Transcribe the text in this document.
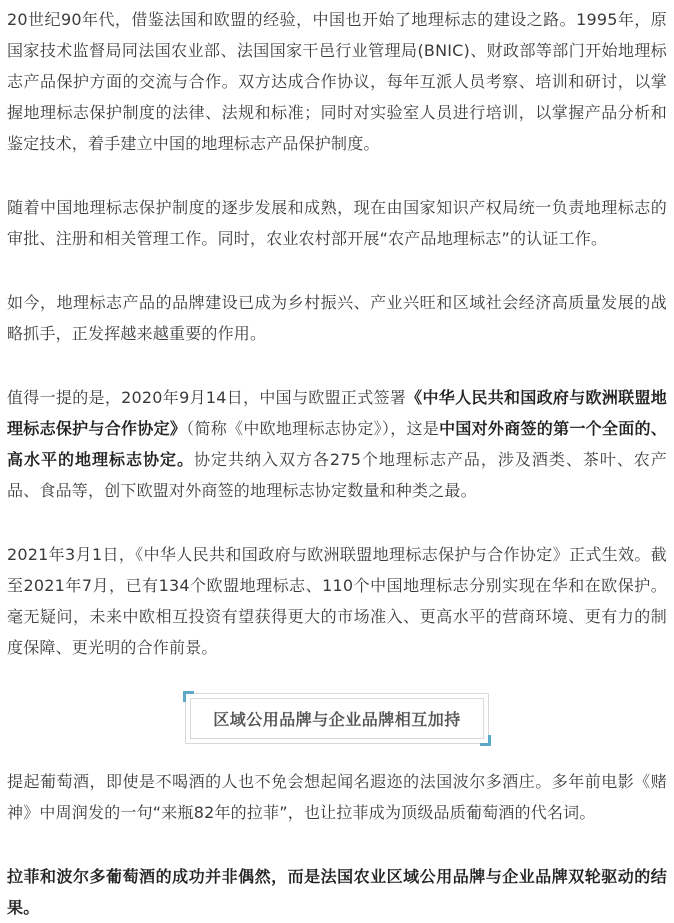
20世纪90年代，借鉴法国和欧盟的经验，中国也开始了地理标志的建设之路。1995年，原国家技术监督局同法国农业部、法国国家干邑行业管理局(BNIC)、财政部等部门开始地理标志产品保护方面的交流与合作。双方达成合作协议，每年互派人员考察、培训和研讨，以掌握地理标志保护制度的法律、法规和标准；同时对实验室人员进行培训，以掌握产品分析和鉴定技术，着手建立中国的地理标志产品保护制度。

随着中国地理标志保护制度的逐步发展和成熟，现在由国家知识产权局统一负责地理标志的审批、注册和相关管理工作。同时，农业农村部开展“农产品地理标志”的认证工作。

如今，地理标志产品的品牌建设已成为乡村振兴、产业兴旺和区域社会经济高质量发展的战略抓手，正发挥越来越重要的作用。

值得一提的是，2020年9月14日，中国与欧盟正式签署《中华人民共和国政府与欧洲联盟地理标志保护与合作协定》（简称《中欧地理标志协定》），这是中国对外商签的第一个全面的、高水平的地理标志协定。协定共纳入双方各275个地理标志产品，涉及酒类、茶叶、农产品、食品等，创下欧盟对外商签的地理标志协定数量和种类之最。

2021年3月1日，《中华人民共和国政府与欧洲联盟地理标志保护与合作协定》正式生效。截至2021年7月，已有134个欧盟地理标志、110个中国地理标志分别实现在华和在欧保护。毫无疑问，未来中欧相互投资有望获得更大的市场准入、更高水平的营商环境、更有力的制度保障、更光明的合作前景。

区域公用品牌与企业品牌相互加持

提起葡萄酒，即使是不喝酒的人也不免会想起闻名遐迩的法国波尔多酒庄。多年前电影《赌神》中周润发的一句“来瓶82年的拉菲”，也让拉菲成为顶级品质葡萄酒的代名词。

拉菲和波尔多葡萄酒的成功并非偶然，而是法国农业区域公用品牌与企业品牌双轮驱动的结果。
